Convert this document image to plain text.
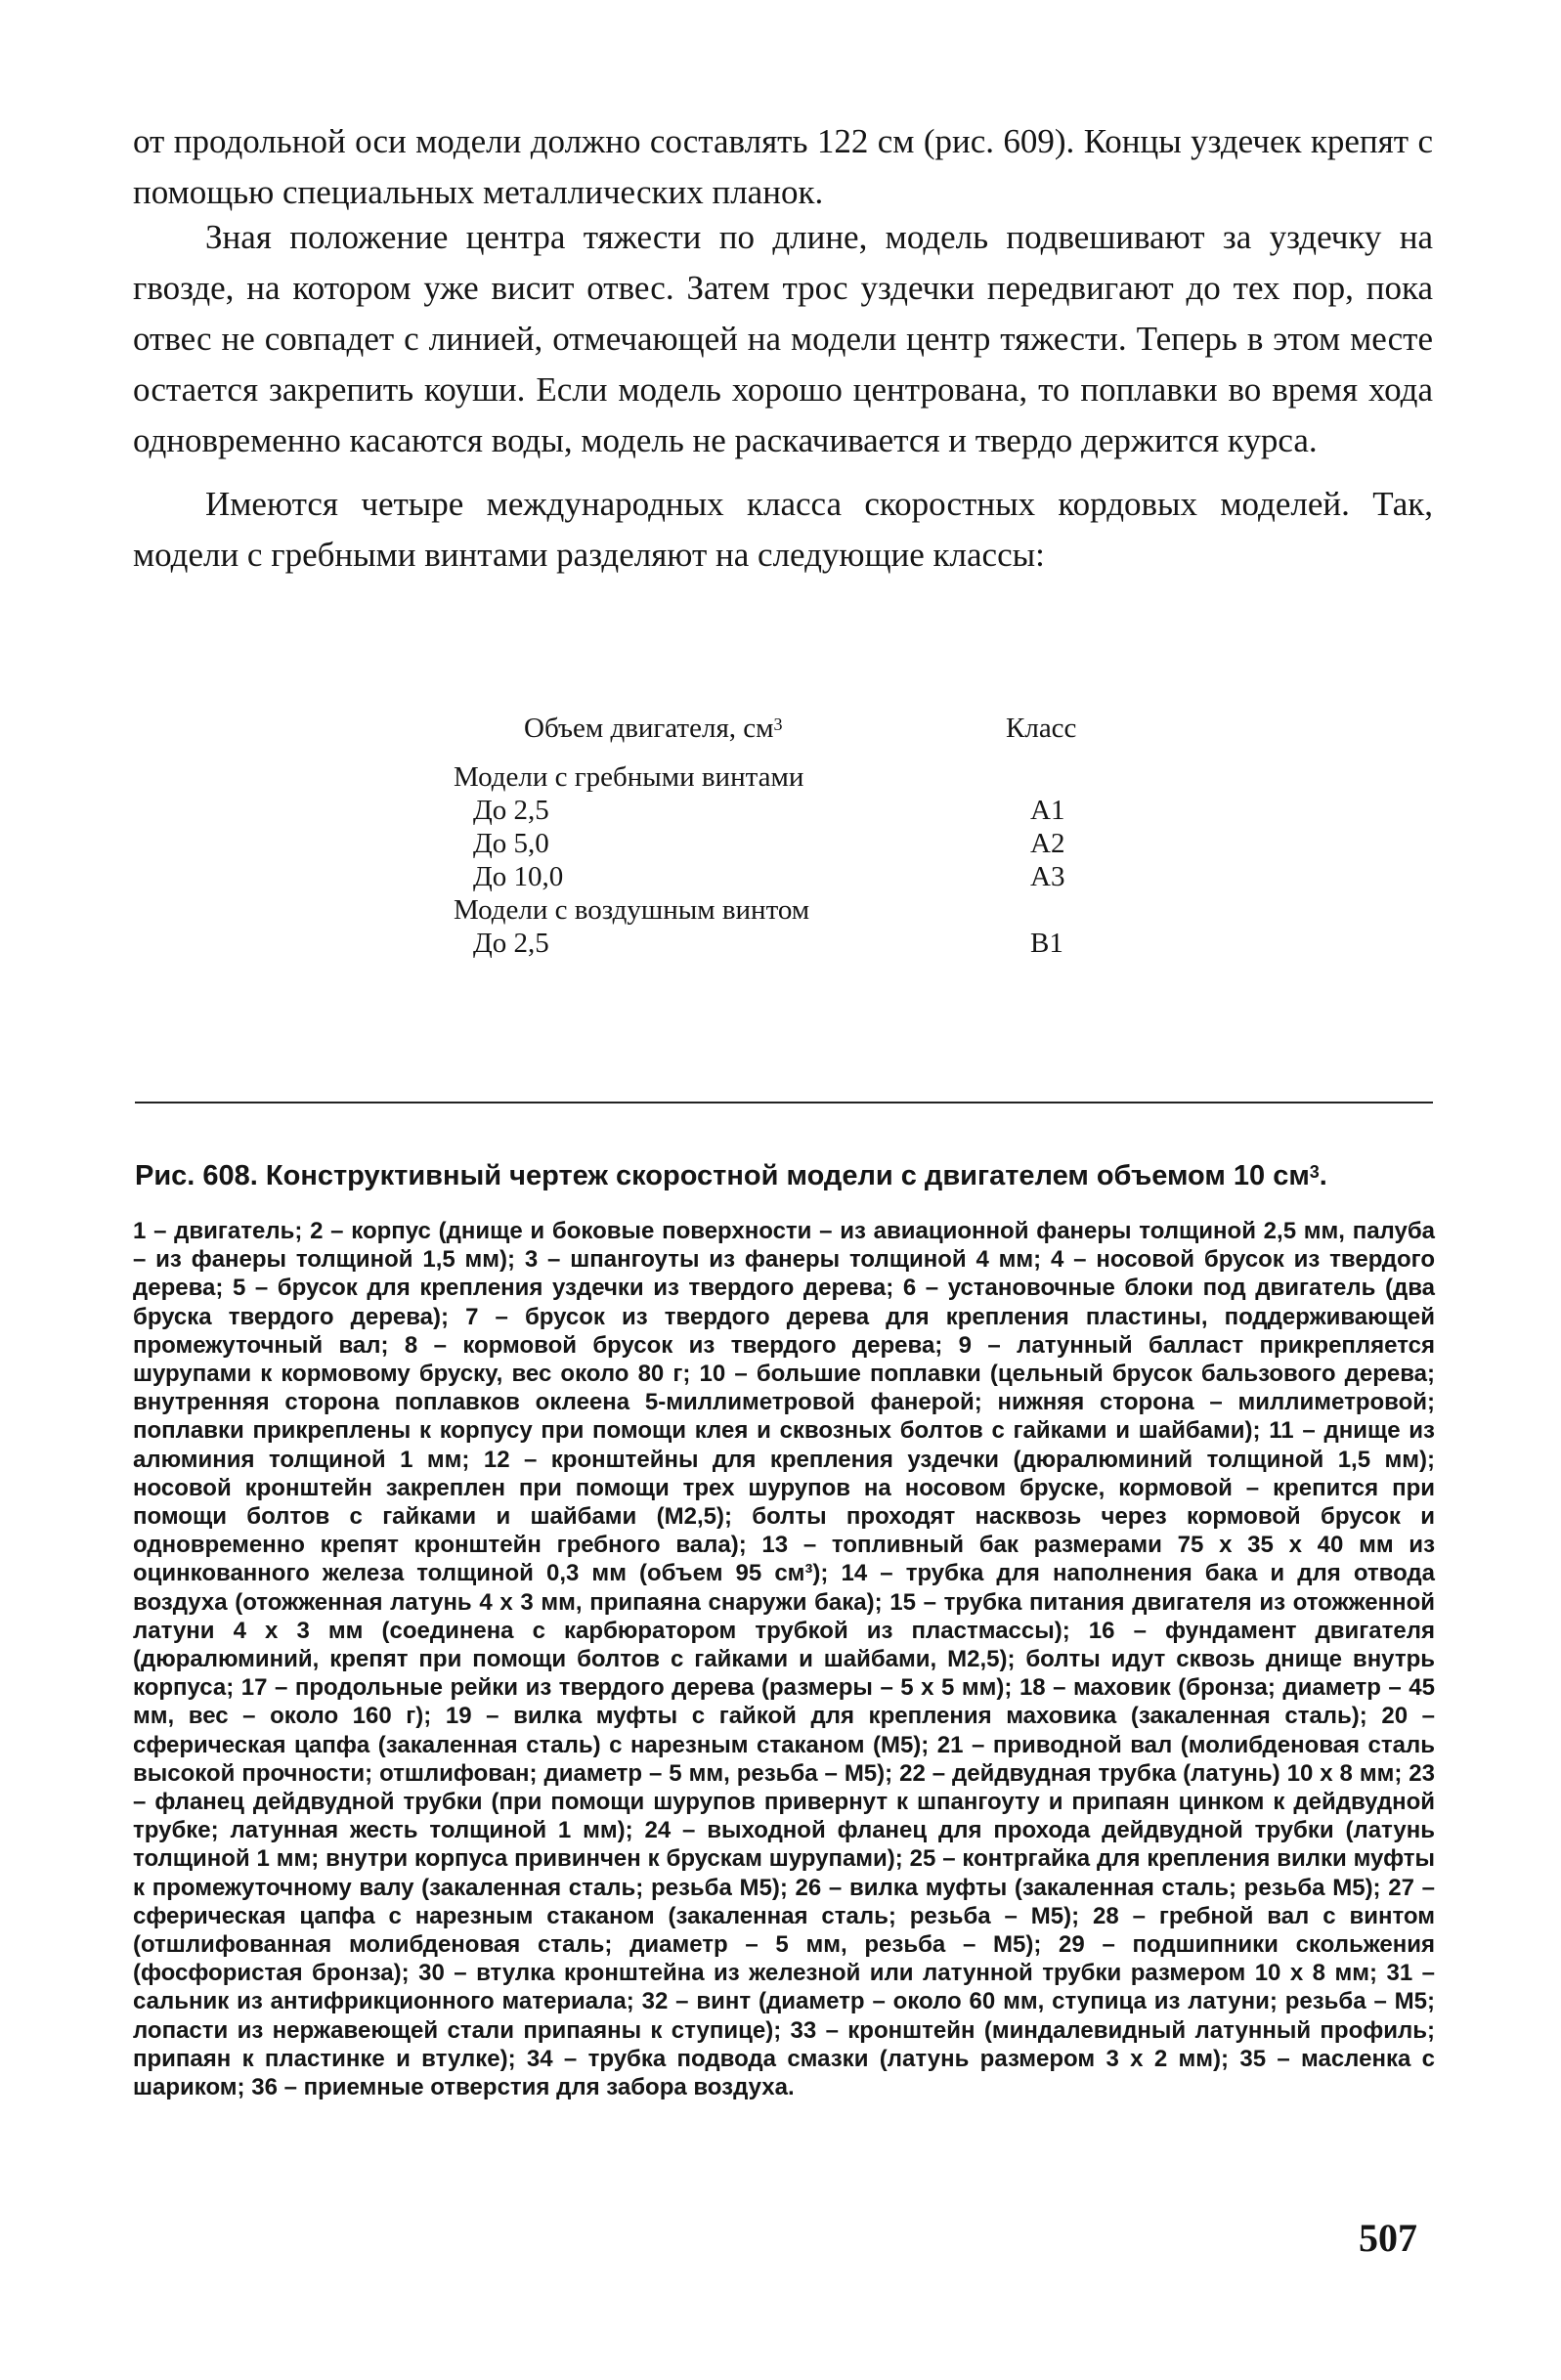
от продольной оси модели должно составлять 122 см (рис. 609). Концы уздечек крепят с помощью специальных металлических планок.

Зная положение центра тяжести по длине, модель подвешивают за уздечку на гвозде, на котором уже висит отвес. Затем трос уздечки передвигают до тех пор, пока отвес не совпадет с линией, отмечающей на модели центр тяжести. Теперь в этом месте остается закрепить коуши. Если модель хорошо центрована, то поплавки во время хода одновременно касаются воды, модель не раскачивается и твердо держится курса.

Имеются четыре международных класса скоростных кордовых моделей. Так, модели с гребными винтами разделяют на следующие классы:

Объем двигателя, $см^3$	Класс
Модели с гребными винтами
До 2,5	A1
До 5,0	A2
До 10,0	A3
Модели с воздушным винтом
До 2,5	B1

Рис. 608. Конструктивный чертеж скоростной модели с двигателем объемом 10 $см^3$.

1 – двигатель; 2 – корпус (днище и боковые поверхности – из авиационной фанеры толщиной 2,5 мм, палуба – из фанеры толщиной 1,5 мм); 3 – шпангоуты из фанеры толщиной 4 мм; 4 – носовой брусок из твердого дерева; 5 – брусок для крепления уздечки из твердого дерева; 6 – установочные блоки под двигатель (два бруска твердого дерева); 7 – брусок из твердого дерева для крепления пластины, поддерживающей промежуточный вал; 8 – кормовой брусок из твердого дерева; 9 – латунный балласт прикрепляется шурупами к кормовому бруску, вес около 80 г; 10 – большие поплавки (цельный брусок бальзового дерева; внутренняя сторона поплавков оклеена 5-миллиметровой фанерой; нижняя сторона – миллиметровой; поплавки прикреплены к корпусу при помощи клея и сквозных болтов с гайками и шайбами); 11 – днище из алюминия толщиной 1 мм; 12 – кронштейны для крепления уздечки (дюралюминий толщиной 1,5 мм); носовой кронштейн закреплен при помощи трех шурупов на носовом бруске, кормовой – крепится при помощи болтов с гайками и шайбами (M2,5); болты проходят насквозь через кормовой брусок и одновременно крепят кронштейн гребного вала); 13 – топливный бак размерами 75 x 35 x 40 мм из оцинкованного железа толщиной 0,3 мм (объем 95 см³); 14 – трубка для наполнения бака и для отвода воздуха (отожженная латунь 4 x 3 мм, припаяна снаружи бака); 15 – трубка питания двигателя из отожженной латуни 4 x 3 мм (соединена с карбюратором трубкой из пластмассы); 16 – фундамент двигателя (дюралюминий, крепят при помощи болтов с гайками и шайбами, M2,5); болты идут сквозь днище внутрь корпуса; 17 – продольные рейки из твердого дерева (размеры – 5 x 5 мм); 18 – маховик (бронза; диаметр – 45 мм, вес – около 160 г); 19 – вилка муфты с гайкой для крепления маховика (закаленная сталь); 20 – сферическая цапфа (закаленная сталь) с нарезным стаканом (M5); 21 – приводной вал (молибденовая сталь высокой прочности; отшлифован; диаметр – 5 мм, резьба – M5); 22 – дейдвудная трубка (латунь) 10 x 8 мм; 23 – фланец дейдвудной трубки (при помощи шурупов привернут к шпангоуту и припаян цинком к дейдвудной трубке; латунная жесть толщиной 1 мм); 24 – выходной фланец для прохода дейдвудной трубки (латунь толщиной 1 мм; внутри корпуса привинчен к брускам шурупами); 25 – контргайка для крепления вилки муфты к промежуточному валу (закаленная сталь; резьба M5); 26 – вилка муфты (закаленная сталь; резьба M5); 27 – сферическая цапфа с нарезным стаканом (закаленная сталь; резьба – M5); 28 – гребной вал с винтом (отшлифованная молибденовая сталь; диаметр – 5 мм, резьба – M5); 29 – подшипники скольжения (фосфористая бронза); 30 – втулка кронштейна из железной или латунной трубки размером 10 x 8 мм; 31 – сальник из антифрикционного материала; 32 – винт (диаметр – около 60 мм, ступица из латуни; резьба – M5; лопасти из нержавеющей стали припаяны к ступице); 33 – кронштейн (миндалевидный латунный профиль; припаян к пластинке и втулке); 34 – трубка подвода смазки (латунь размером 3 x 2 мм); 35 – масленка с шариком; 36 – приемные отверстия для забора воздуха.

507
